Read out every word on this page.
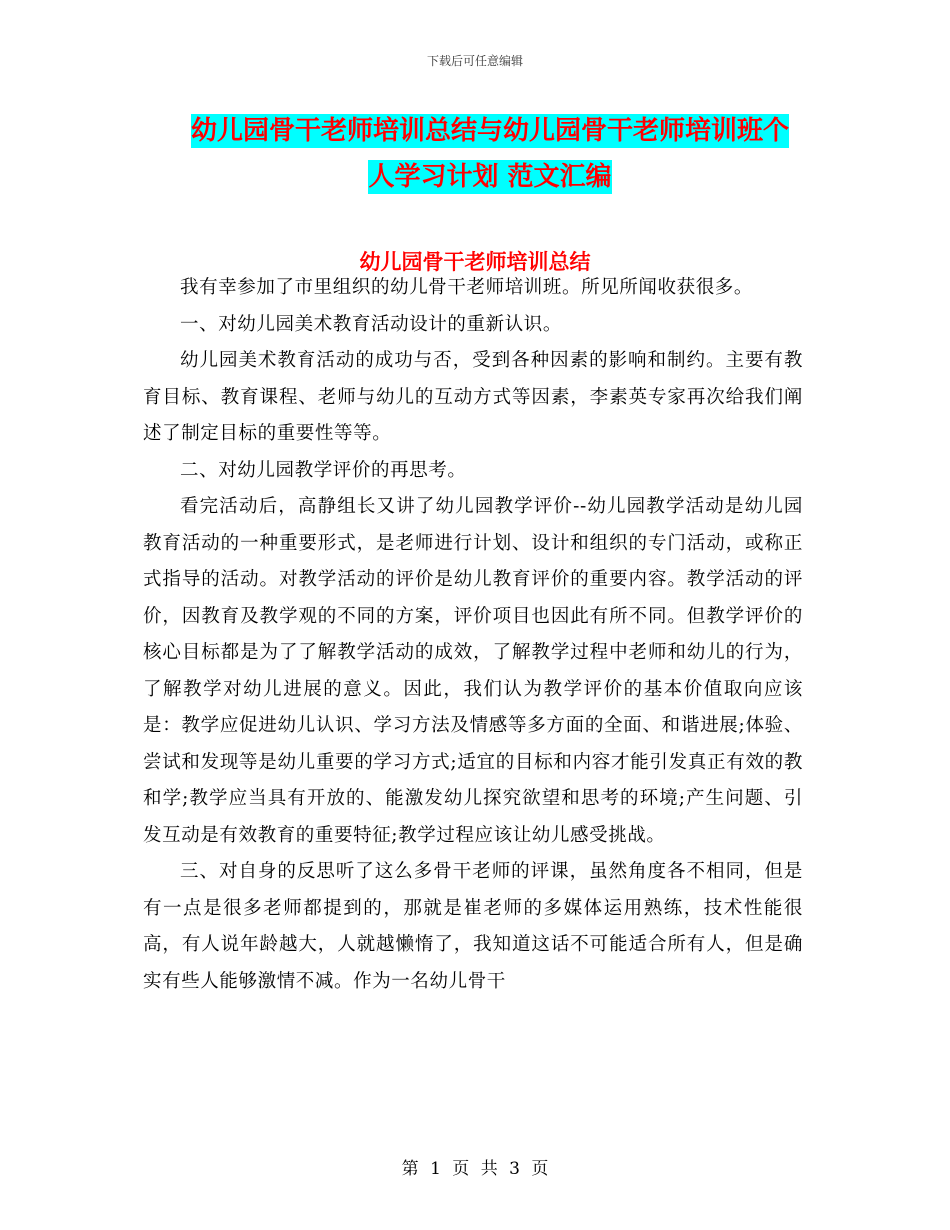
下载后可任意编辑
幼儿园骨干老师培训总结与幼儿园骨干老师培训班个
人学习计划 范文汇编
幼儿园骨干老师培训总结

我有幸参加了市里组织的幼儿骨干老师培训班。所见所闻收获很多。

一、对幼儿园美术教育活动设计的重新认识。

幼儿园美术教育活动的成功与否，受到各种因素的影响和制约。主要有教育目标、教育课程、老师与幼儿的互动方式等因素，李素英专家再次给我们阐述了制定目标的重要性等等。

二、对幼儿园教学评价的再思考。

看完活动后，高静组长又讲了幼儿园教学评价--幼儿园教学活动是幼儿园教育活动的一种重要形式，是老师进行计划、设计和组织的专门活动，或称正式指导的活动。对教学活动的评价是幼儿教育评价的重要内容。教学活动的评价，因教育及教学观的不同的方案，评价项目也因此有所不同。但教学评价的核心目标都是为了了解教学活动的成效，了解教学过程中老师和幼儿的行为，了解教学对幼儿进展的意义。因此，我们认为教学评价的基本价值取向应该是：教学应促进幼儿认识、学习方法及情感等多方面的全面、和谐进展;体验、尝试和发现等是幼儿重要的学习方式;适宜的目标和内容才能引发真正有效的教和学;教学应当具有开放的、能激发幼儿探究欲望和思考的环境;产生问题、引发互动是有效教育的重要特征;教学过程应该让幼儿感受挑战。

三、对自身的反思听了这么多骨干老师的评课，虽然角度各不相同，但是有一点是很多老师都提到的，那就是崔老师的多媒体运用熟练，技术性能很高，有人说年龄越大，人就越懒惰了，我知道这话不可能适合所有人，但是确实有些人能够激情不减。作为一名幼儿骨干

第 1 页 共 3 页
